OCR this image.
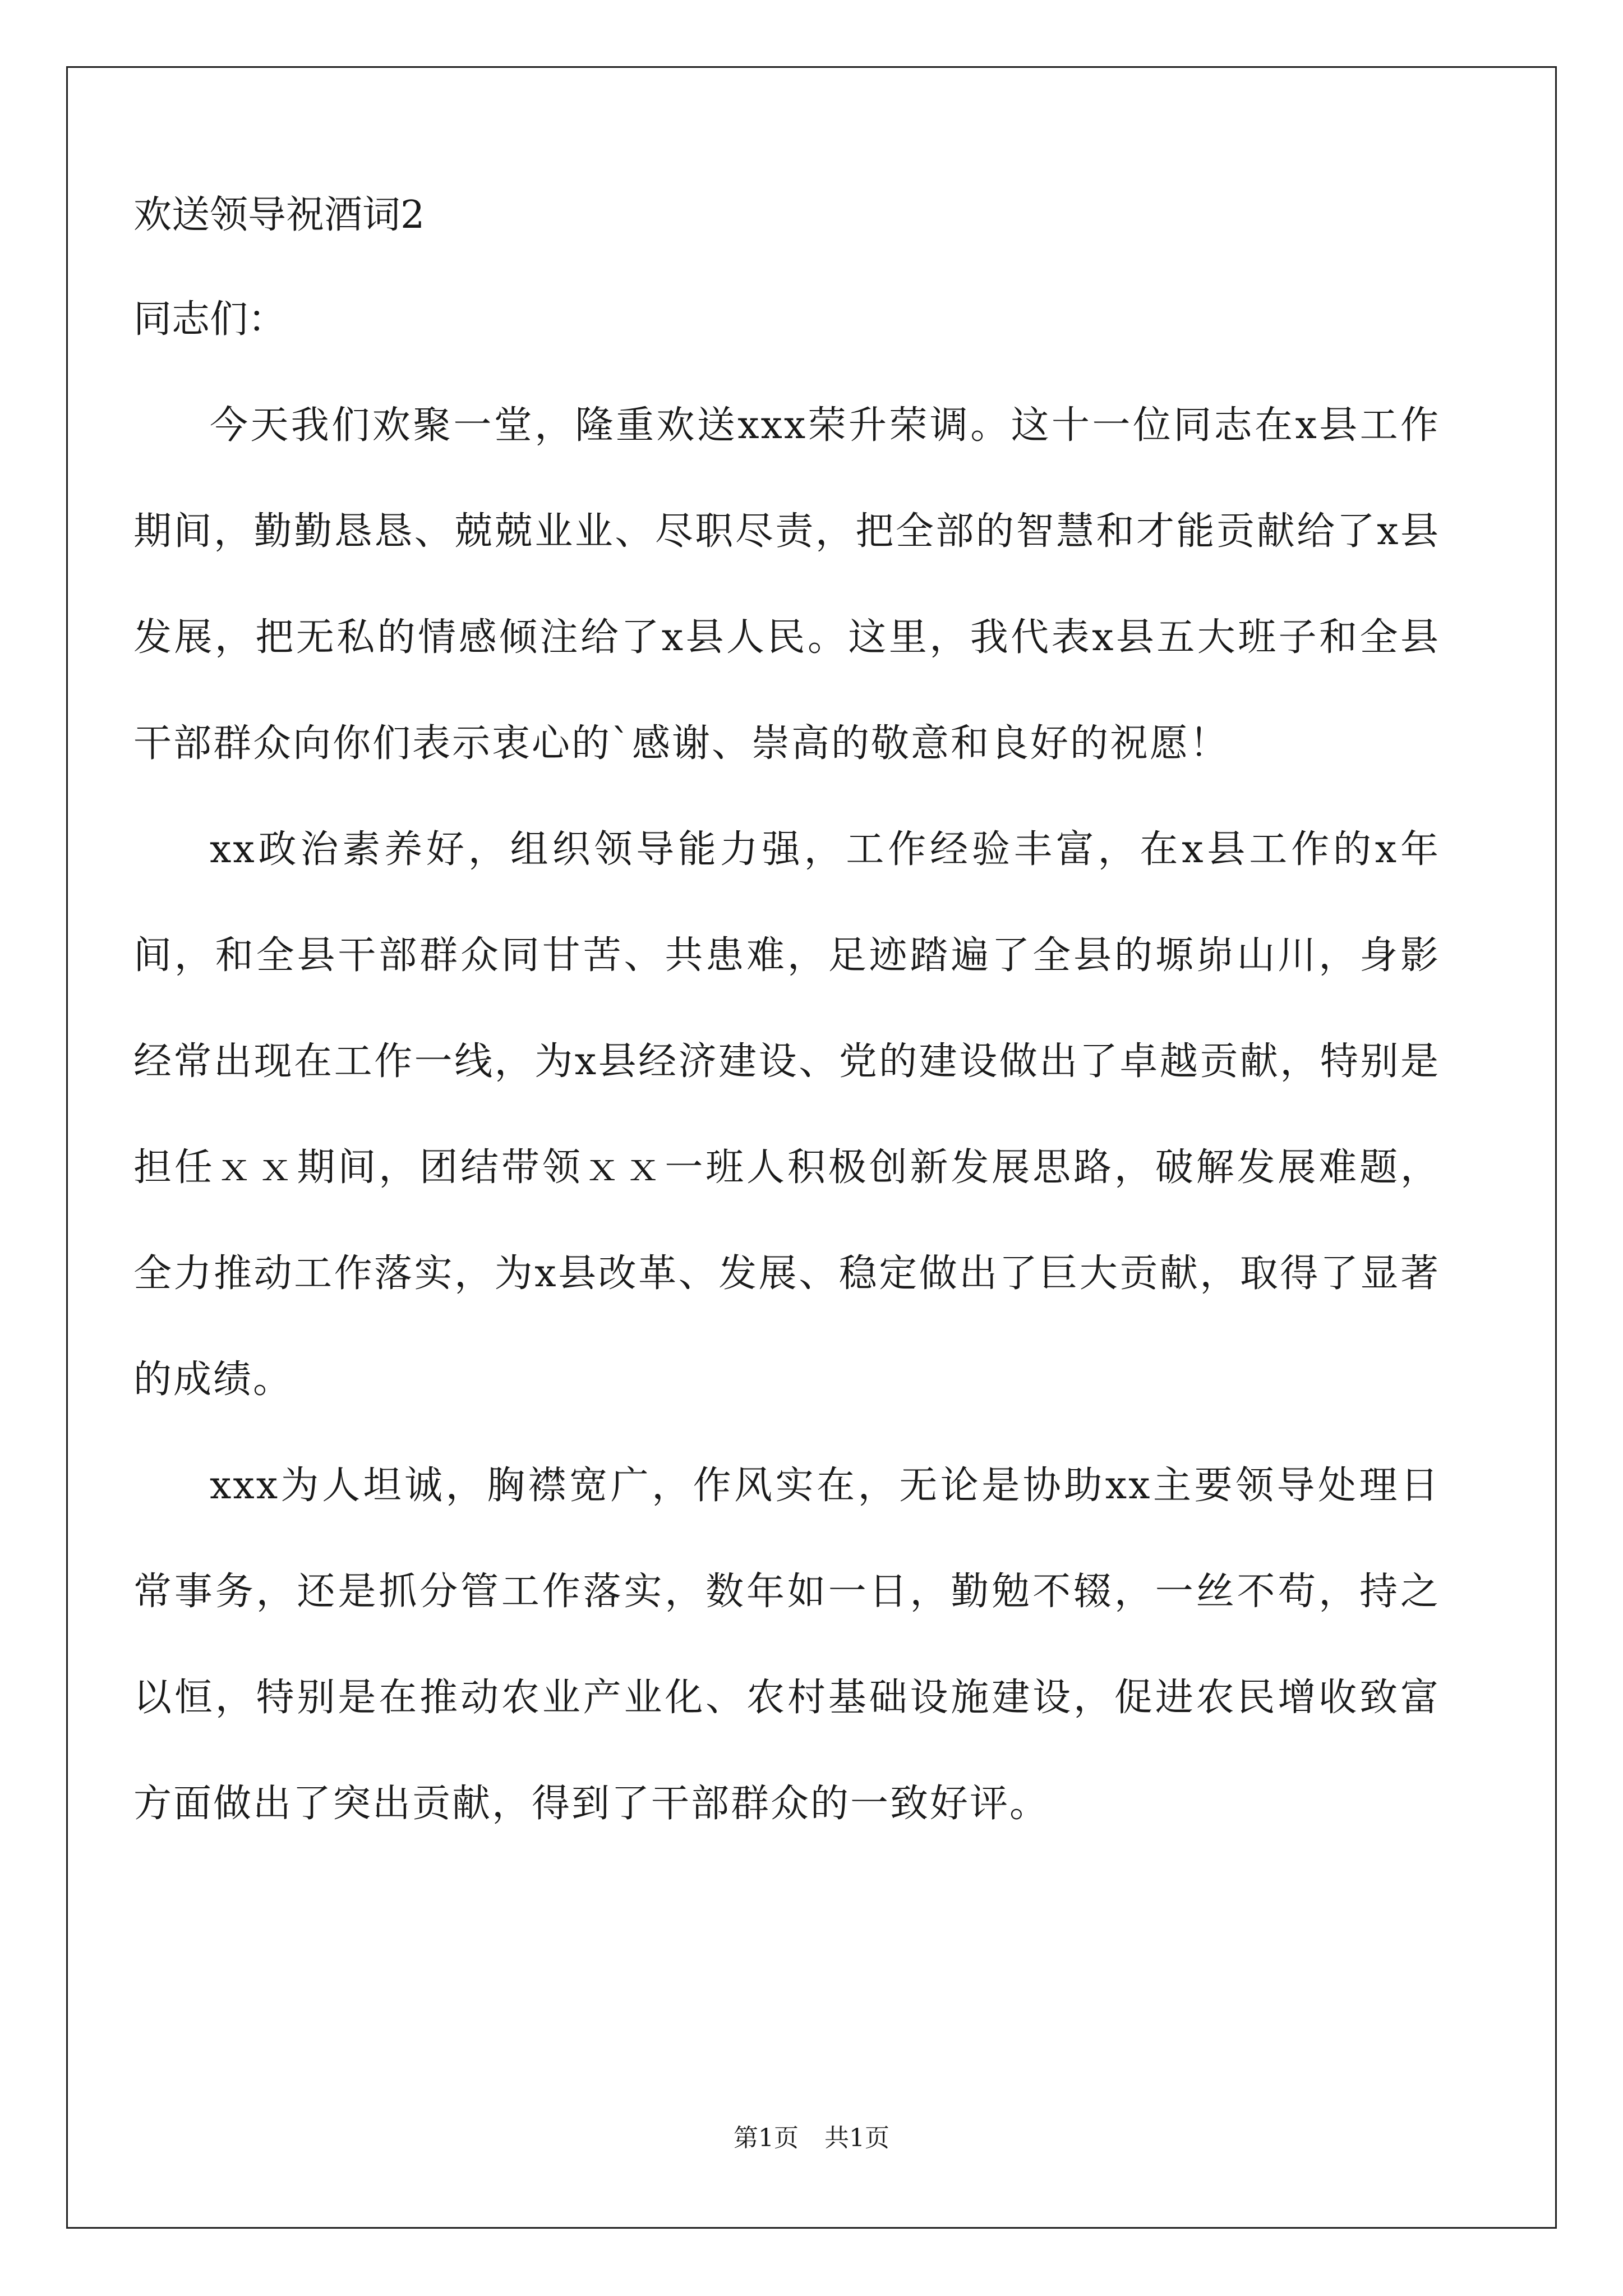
欢送领导祝酒词2
同志们：

今天我们欢聚一堂，隆重欢送xxx荣升荣调。这十一位同志在x县工作期间，勤勤恳恳、兢兢业业、尽职尽责，把全部的智慧和才能贡献给了x县发展，把无私的情感倾注给了x县人民。这里，我代表x县五大班子和全县干部群众向你们表示衷心的`感谢、崇高的敬意和良好的祝愿！

xx政治素养好，组织领导能力强，工作经验丰富，在x县工作的x年间，和全县干部群众同甘苦、共患难，足迹踏遍了全县的塬峁山川，身影经常出现在工作一线，为x县经济建设、党的建设做出了卓越贡献，特别是担任ｘｘ期间，团结带领ｘｘ一班人积极创新发展思路，破解发展难题，全力推动工作落实，为x县改革、发展、稳定做出了巨大贡献，取得了显著的成绩。

xxx为人坦诚，胸襟宽广，作风实在，无论是协助xx主要领导处理日常事务，还是抓分管工作落实，数年如一日，勤勉不辍，一丝不苟，持之以恒，特别是在推动农业产业化、农村基础设施建设，促进农民增收致富方面做出了突出贡献，得到了干部群众的一致好评。

第1页 共1页
